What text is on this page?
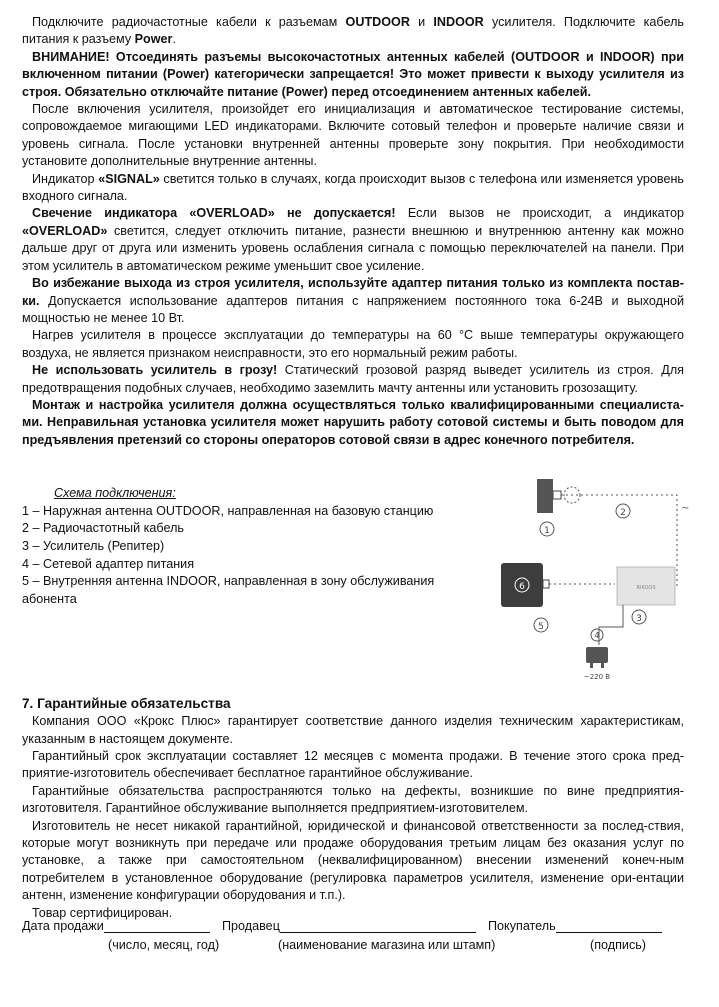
Подключите радиочастотные кабели к разъемам OUTDOOR и INDOOR усилителя. Подключите кабель питания к разъему Power.

ВНИМАНИЕ! Отсоединять разъемы высокочастотных антенных кабелей (OUTDOOR и INDOOR) при включенном питании (Power) категорически запрещается! Это может привести к выходу усилителя из строя. Обязательно отключайте питание (Power) перед отсоединением антенных кабелей.

После включения усилителя, произойдет его инициализация и автоматическое тестирование системы, сопровождаемое мигающими LED индикаторами. Включите сотовый телефон и проверьте наличие связи и уровень сигнала. После установки внутренней антенны проверьте зону покрытия. При необходимости установите дополнительные внутренние антенны.

Индикатор «SIGNAL» светится только в случаях, когда происходит вызов с телефона или изменяется уровень входного сигнала.

Свечение индикатора «OVERLOAD» не допускается! Если вызов не происходит, а индикатор «OVERLOAD» светится, следует отключить питание, разнести внешнюю и внутреннюю антенну как можно дальше друг от друга или изменить уровень ослабления сигнала с помощью переключателей на панели. При этом усилитель в автоматическом режиме уменьшит свое усиление.

Во избежание выхода из строя усилителя, используйте адаптер питания только из комплекта постав-ки. Допускается использование адаптеров питания с напряжением постоянного тока 6-24В и выходной мощностью не менее 10 Вт.

Нагрев усилителя в процессе эксплуатации до температуры на 60 °С выше температуры окружающего воздуха, не является признаком неисправности, это его нормальный режим работы.

Не использовать усилитель в грозу! Статический грозовой разряд выведет усилитель из строя. Для предотвращения подобных случаев, необходимо заземлить мачту антенны или установить грозозащиту.

Монтаж и настройка усилителя должна осуществляться только квалифицированными специалиста-ми. Неправильная установка усилителя может нарушить работу сотовой системы и быть поводом для предъявления претензий со стороны операторов сотовой связи в адрес конечного потребителя.

Схема подключения:
1 – Наружная антенна OUTDOOR, направленная на базовую станцию
2 – Радиочастотный кабель
3 – Усилитель (Репитер)
4 – Сетевой адаптер питания
5 – Внутренняя антенна INDOOR, направленная в зону обслуживания абонента
~
1
2
6
5
RIKOOS
3
4
~220 В
7. Гарантийные обязательства

Компания ООО «Крокс Плюс» гарантирует соответствие данного изделия техническим характеристикам, указанным в настоящем документе.

Гарантийный срок эксплуатации составляет 12 месяцев с момента продажи. В течение этого срока пред-приятие-изготовитель обеспечивает бесплатное гарантийное обслуживание.

Гарантийные обязательства распространяются только на дефекты, возникшие по вине предприятия-изготовителя. Гарантийное обслуживание выполняется предприятием-изготовителем.

Изготовитель не несет никакой гарантийной, юридической и финансовой ответственности за послед-ствия, которые могут возникнуть при передаче или продаже оборудования третьим лицам без оказания услуг по установке, а также при самостоятельном (неквалифицированном) внесении изменений конеч-ным потребителем в установленное оборудование (регулировка параметров усилителя, изменение ори-ентации антенн, изменение конфигурации оборудования и т.п.).

Товар сертифицирован.

Дата продажи	Продавец	Покупатель
(число, месяц, год)	(наименование магазина или штамп)	(подпись)
